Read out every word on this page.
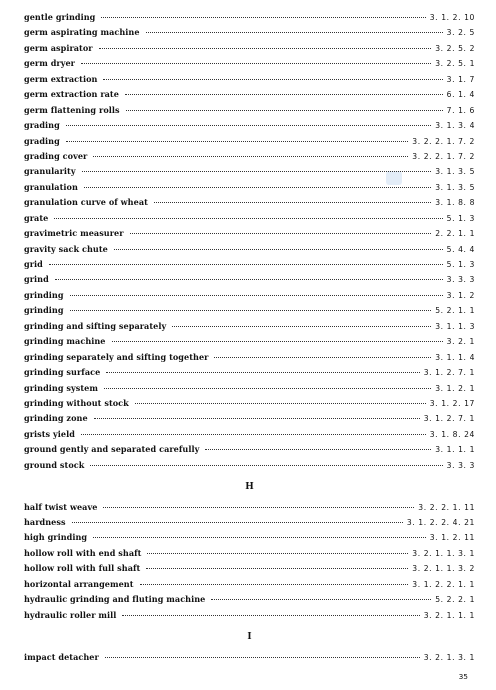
gentle grinding	3. 1. 2. 10
germ aspirating machine	3. 2. 5
germ aspirator	3. 2. 5. 2
germ dryer	3. 2. 5. 1
germ extraction	3. 1. 7
germ extraction rate	6. 1. 4
germ flattening rolls	7. 1. 6
grading	3. 1. 3. 4
grading	3. 2. 2. 1. 7. 2
grading cover	3. 2. 2. 1. 7. 2
granularity	3. 1. 3. 5
granulation	3. 1. 3. 5
granulation curve of wheat	3. 1. 8. 8
grate	5. 1. 3
gravimetric measurer	2. 2. 1. 1
gravity sack chute	5. 4. 4
grid	5. 1. 3
grind	3. 3. 3
grinding	3. 1. 2
grinding	5. 2. 1. 1
grinding and sifting separately	3. 1. 1. 3
grinding machine	3. 2. 1
grinding separately and sifting together	3. 1. 1. 4
grinding surface	3. 1. 2. 7. 1
grinding system	3. 1. 2. 1
grinding without stock	3. 1. 2. 17
grinding zone	3. 1. 2. 7. 1
grists yield	3. 1. 8. 24
ground gently and separated carefully	3. 1. 1. 1
ground stock	3. 3. 3
H
half twist weave	3. 2. 2. 1. 11
hardness	3. 1. 2. 2. 4. 21
high grinding	3. 1. 2. 11
hollow roll with end shaft	3. 2. 1. 1. 3. 1
hollow roll with full shaft	3. 2. 1. 1. 3. 2
horizontal arrangement	3. 1. 2. 2. 1. 1
hydraulic grinding and fluting machine	5. 2. 2. 1
hydraulic roller mill	3. 2. 1. 1. 1
I
impact detacher	3. 2. 1. 3. 1
35
